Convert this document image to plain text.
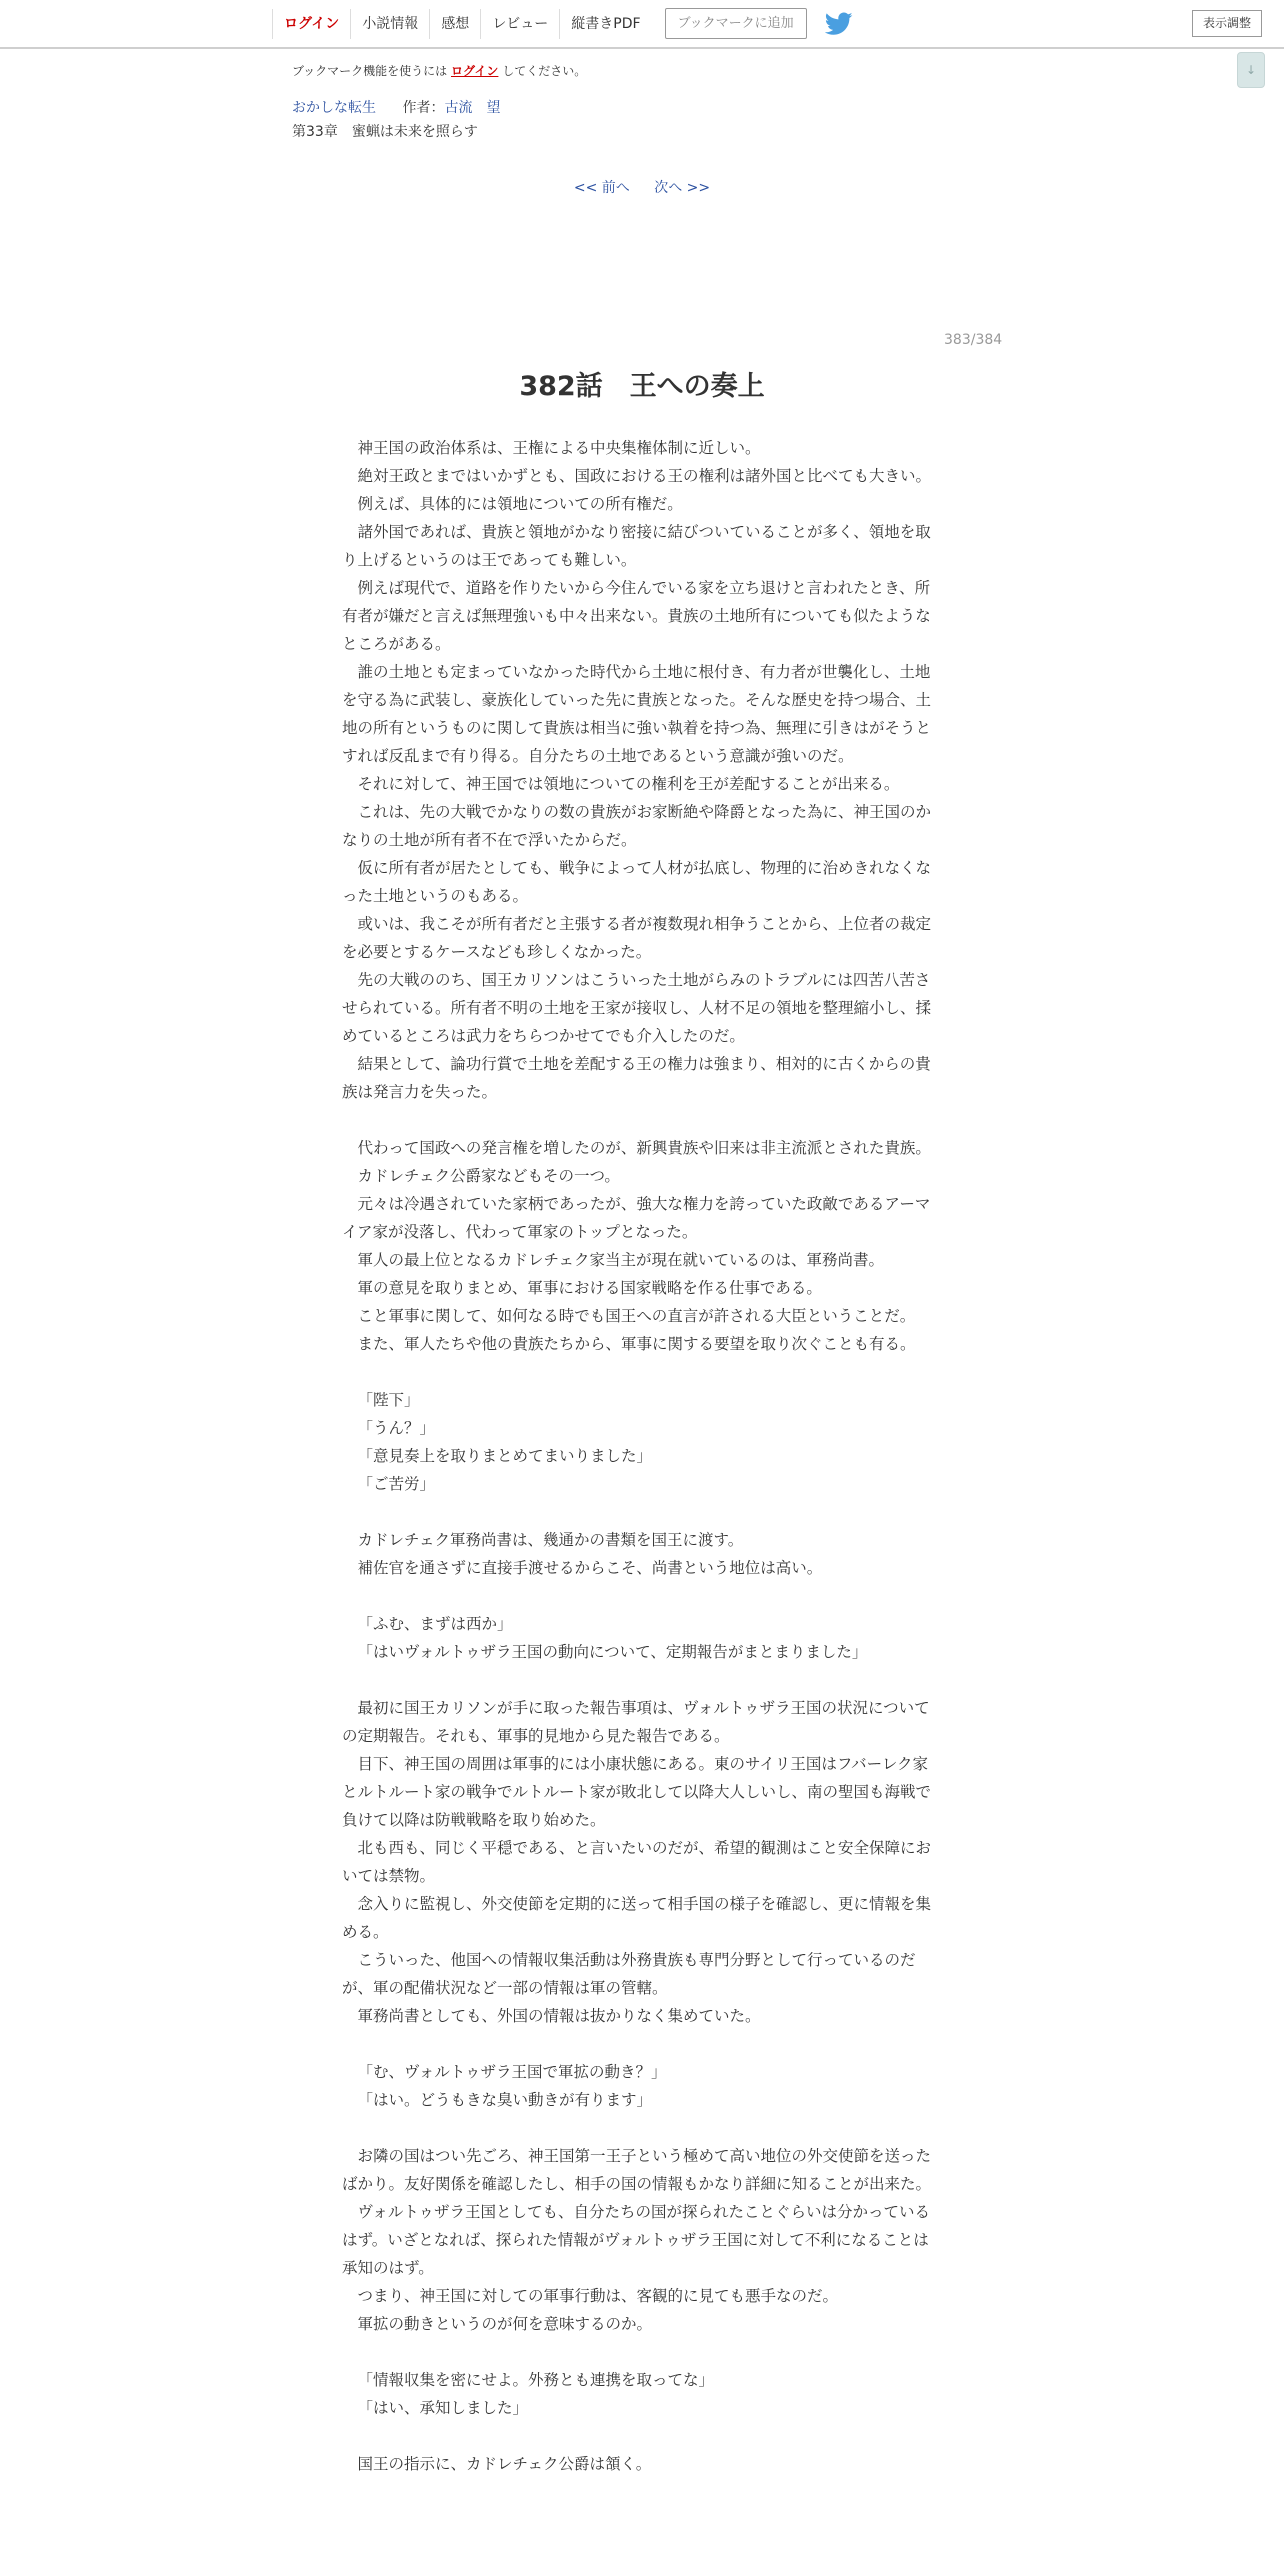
ログイン	小説情報	感想	レビュー	縦書きPDF	ブックマークに追加	表示調整
↓
ブックマーク機能を使うには ログイン してください。
おかしな転生 作者：古流　望
第33章　蜜蝋は未来を照らす
<< 前へ 次へ >>
383/384
382話　王への奏上

神王国の政治体系は、王権による中央集権体制に近しい。

絶対王政とまではいかずとも、国政における王の権利は諸外国と比べても大きい。

例えば、具体的には領地についての所有権だ。

諸外国であれば、貴族と領地がかなり密接に結びついていることが多く、領地を取り上げるというのは王であっても難しい。

例えば現代で、道路を作りたいから今住んでいる家を立ち退けと言われたとき、所有者が嫌だと言えば無理強いも中々出来ない。貴族の土地所有についても似たようなところがある。

誰の土地とも定まっていなかった時代から土地に根付き、有力者が世襲化し、土地を守る為に武装し、豪族化していった先に貴族となった。そんな歴史を持つ場合、土地の所有というものに関して貴族は相当に強い執着を持つ為、無理に引きはがそうとすれば反乱まで有り得る。自分たちの土地であるという意識が強いのだ。

それに対して、神王国では領地についての権利を王が差配することが出来る。

これは、先の大戦でかなりの数の貴族がお家断絶や降爵となった為に、神王国のかなりの土地が所有者不在で浮いたからだ。

仮に所有者が居たとしても、戦争によって人材が払底し、物理的に治めきれなくなった土地というのもある。

或いは、我こそが所有者だと主張する者が複数現れ相争うことから、上位者の裁定を必要とするケースなども珍しくなかった。

先の大戦ののち、国王カリソンはこういった土地がらみのトラブルには四苦八苦させられている。所有者不明の土地を王家が接収し、人材不足の領地を整理縮小し、揉めているところは武力をちらつかせてでも介入したのだ。

結果として、論功行賞で土地を差配する王の権力は強まり、相対的に古くからの貴族は発言力を失った。

代わって国政への発言権を増したのが、新興貴族や旧来は非主流派とされた貴族。

カドレチェク公爵家などもその一つ。

元々は冷遇されていた家柄であったが、強大な権力を誇っていた政敵であるアーマイア家が没落し、代わって軍家のトップとなった。

軍人の最上位となるカドレチェク家当主が現在就いているのは、軍務尚書。

軍の意見を取りまとめ、軍事における国家戦略を作る仕事である。

こと軍事に関して、如何なる時でも国王への直言が許される大臣ということだ。

また、軍人たちや他の貴族たちから、軍事に関する要望を取り次ぐことも有る。

「陛下」

「うん？」

「意見奏上を取りまとめてまいりました」

「ご苦労」

カドレチェク軍務尚書は、幾通かの書類を国王に渡す。

補佐官を通さずに直接手渡せるからこそ、尚書という地位は高い。

「ふむ、まずは西か」

「はいヴォルトゥザラ王国の動向について、定期報告がまとまりました」

最初に国王カリソンが手に取った報告事項は、ヴォルトゥザラ王国の状況についての定期報告。それも、軍事的見地から見た報告である。

目下、神王国の周囲は軍事的には小康状態にある。東のサイリ王国はフバーレク家とルトルート家の戦争でルトルート家が敗北して以降大人しいし、南の聖国も海戦で負けて以降は防戦戦略を取り始めた。

北も西も、同じく平穏である、と言いたいのだが、希望的観測はこと安全保障においては禁物。

念入りに監視し、外交使節を定期的に送って相手国の様子を確認し、更に情報を集める。

こういった、他国への情報収集活動は外務貴族も専門分野として行っているのだが、軍の配備状況など一部の情報は軍の管轄。

軍務尚書としても、外国の情報は抜かりなく集めていた。

「む、ヴォルトゥザラ王国で軍拡の動き？」

「はい。どうもきな臭い動きが有ります」

お隣の国はつい先ごろ、神王国第一王子という極めて高い地位の外交使節を送ったばかり。友好関係を確認したし、相手の国の情報もかなり詳細に知ることが出来た。

ヴォルトゥザラ王国としても、自分たちの国が探られたことぐらいは分かっているはず。いざとなれば、探られた情報がヴォルトゥザラ王国に対して不利になることは承知のはず。

つまり、神王国に対しての軍事行動は、客観的に見ても悪手なのだ。

軍拡の動きというのが何を意味するのか。

「情報収集を密にせよ。外務とも連携を取ってな」

「はい、承知しました」

国王の指示に、カドレチェク公爵は頷く。
